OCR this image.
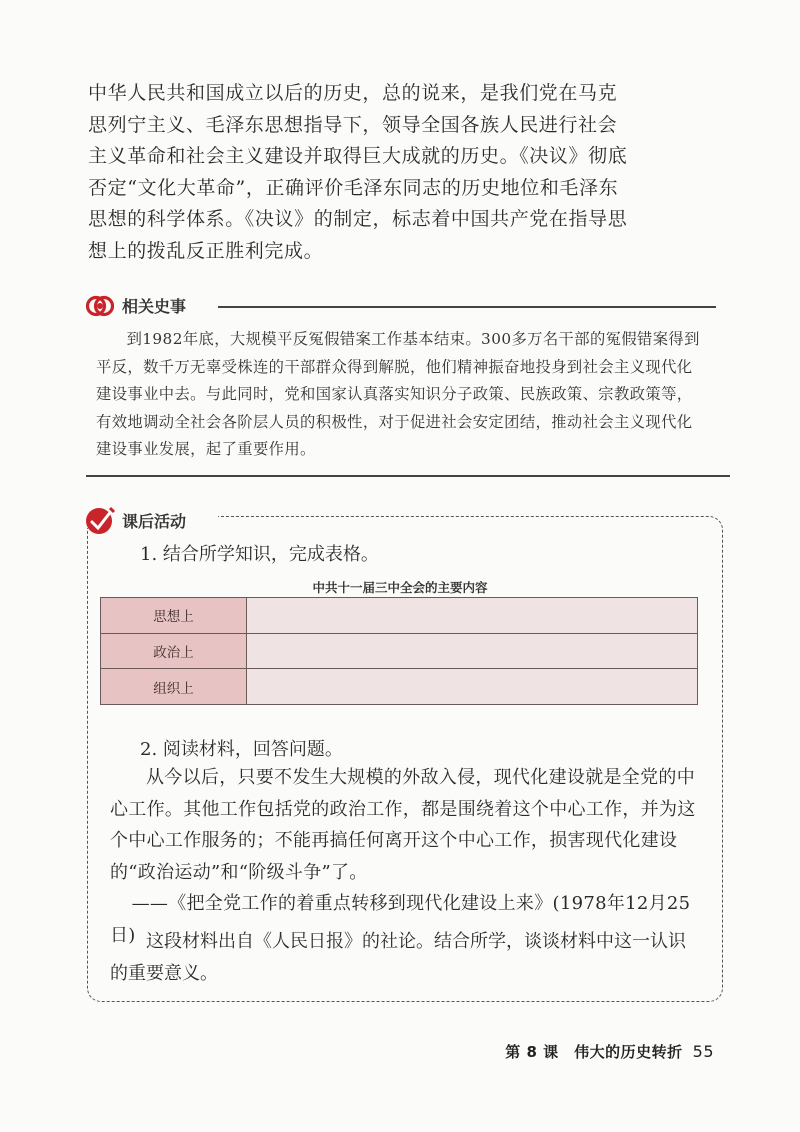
中华人民共和国成立以后的历史，总的说来，是我们党在马克

思列宁主义、毛泽东思想指导下，领导全国各族人民进行社会

主义革命和社会主义建设并取得巨大成就的历史。《决议》彻底

否定“文化大革命”，正确评价毛泽东同志的历史地位和毛泽东

思想的科学体系。《决议》的制定，标志着中国共产党在指导思

想上的拨乱反正胜利完成。

相关史事

到1982年底，大规模平反冤假错案工作基本结束。300多万名干部的冤假错案得到平反，数千万无辜受株连的干部群众得到解脱，他们精神振奋地投身到社会主义现代化建设事业中去。与此同时，党和国家认真落实知识分子政策、民族政策、宗教政策等，有效地调动全社会各阶层人员的积极性，对于促进社会安定团结，推动社会主义现代化建设事业发展，起了重要作用。

课后活动
1. 结合所学知识，完成表格。
中共十一届三中全会的主要内容
思想上	
政治上	
组织上	
2. 阅读材料，回答问题。

从今以后，只要不发生大规模的外敌入侵，现代化建设就是全党的中心工作。其他工作包括党的政治工作，都是围绕着这个中心工作，并为这个中心工作服务的；不能再搞任何离开这个中心工作，损害现代化建设的“政治运动”和“阶级斗争”了。

——《把全党工作的着重点转移到现代化建设上来》(1978年12月25日) 这段材料出自《人民日报》的社论。结合所学，谈谈材料中这一认识的重要意义。

第 8 课　伟大的历史转折 55
